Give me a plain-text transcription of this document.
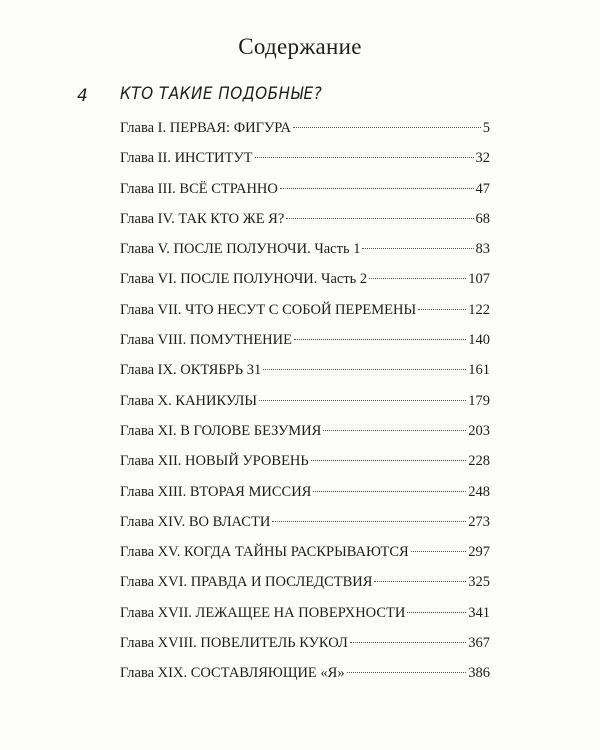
Содержание
4 КТО ТАКИЕ ПОДОБНЫЕ?
Глава I. ПЕРВАЯ: ФИГУРА	5
Глава II. ИНСТИТУТ	32
Глава III. ВСЁ СТРАННО	47
Глава IV. ТАК КТО ЖЕ Я?	68
Глава V. ПОСЛЕ ПОЛУНОЧИ. Часть 1	83
Глава VI. ПОСЛЕ ПОЛУНОЧИ. Часть 2	107
Глава VII. ЧТО НЕСУТ С СОБОЙ ПЕРЕМЕНЫ	122
Глава VIII. ПОМУТНЕНИЕ	140
Глава IX. ОКТЯБРЬ 31	161
Глава X. КАНИКУЛЫ	179
Глава XI. В ГОЛОВЕ БЕЗУМИЯ	203
Глава XII. НОВЫЙ УРОВЕНЬ	228
Глава XIII. ВТОРАЯ МИССИЯ	248
Глава XIV. ВО ВЛАСТИ	273
Глава XV. КОГДА ТАЙНЫ РАСКРЫВАЮТСЯ	297
Глава XVI. ПРАВДА И ПОСЛЕДСТВИЯ	325
Глава XVII. ЛЕЖАЩЕЕ НА ПОВЕРХНОСТИ	341
Глава XVIII. ПОВЕЛИТЕЛЬ КУКОЛ	367
Глава XIX. СОСТАВЛЯЮЩИЕ «Я»	386
